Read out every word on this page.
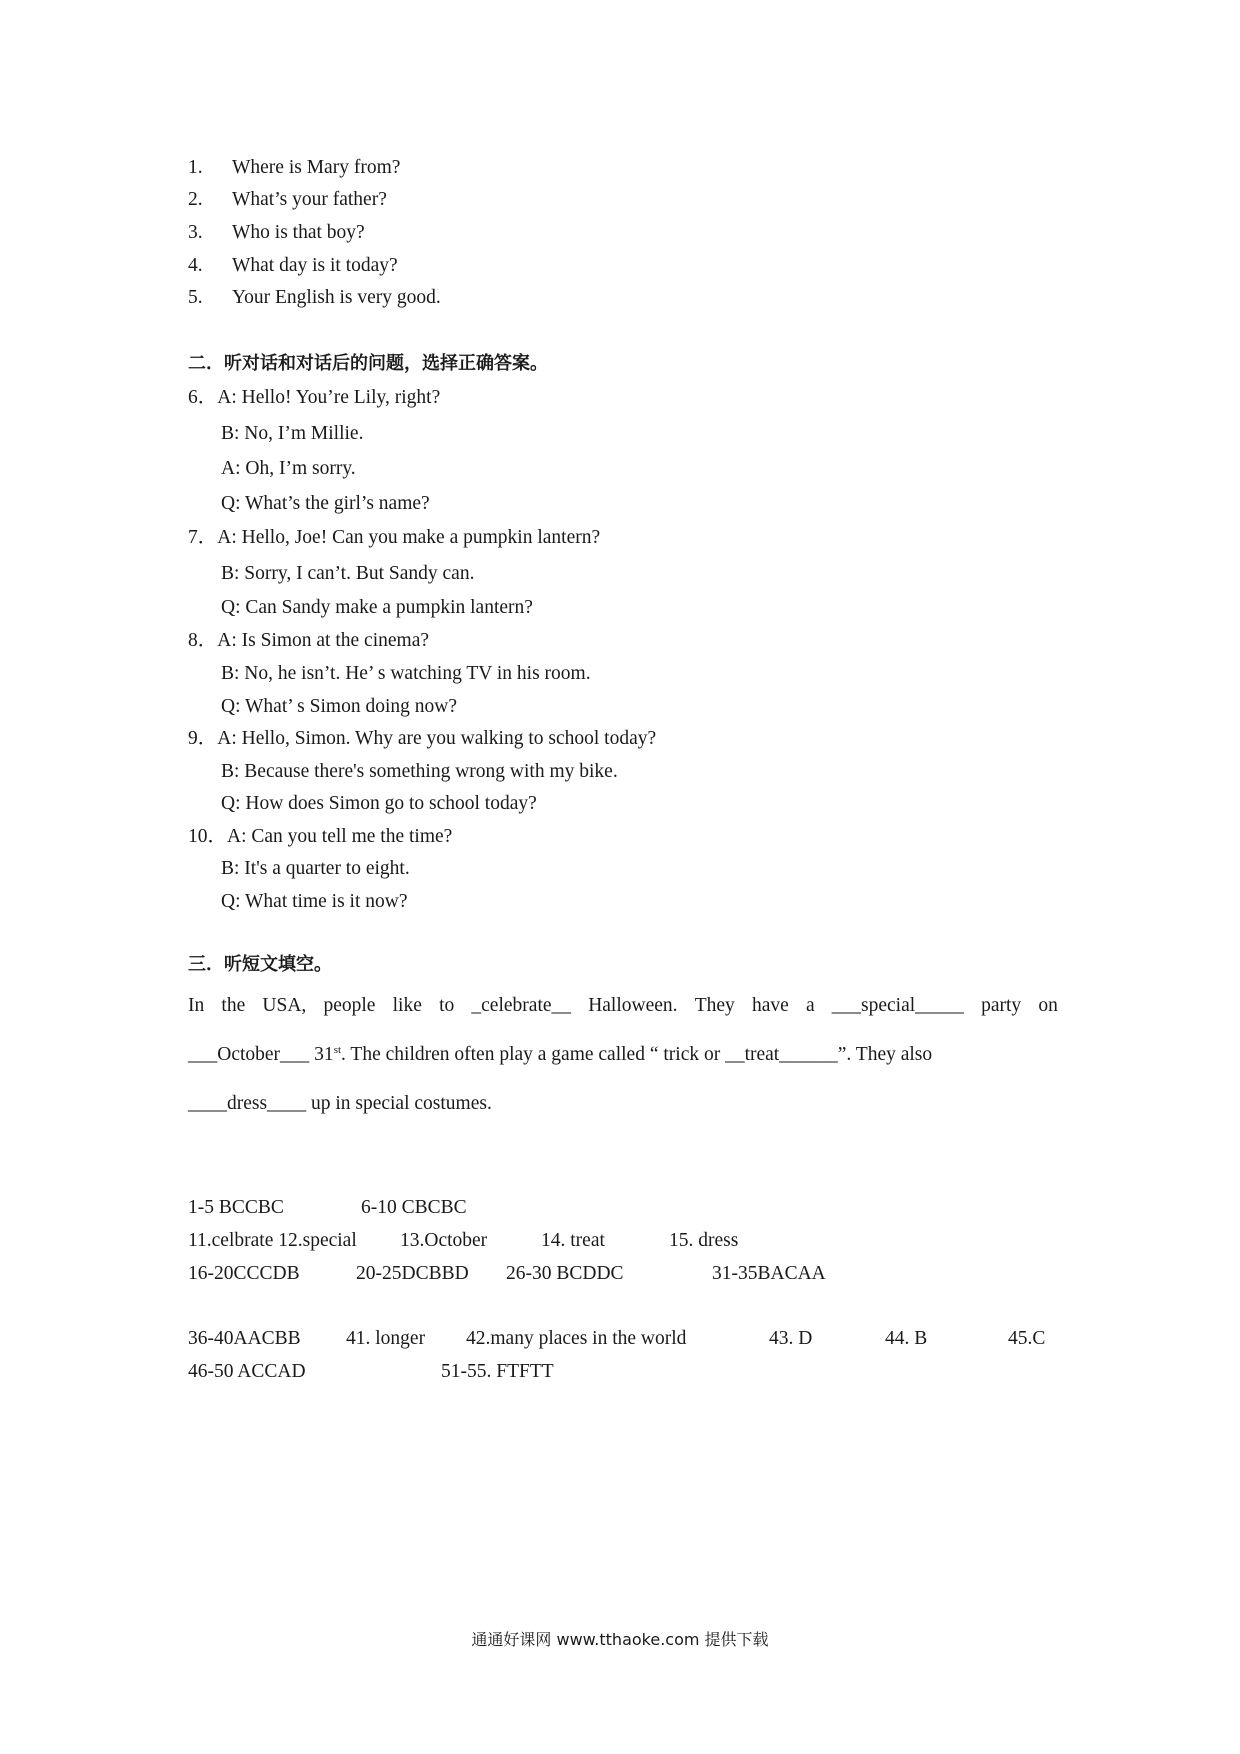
1. Where is Mary from?
2. What’s your father?
3. Who is that boy?
4. What day is it today?
5. Your English is very good.
二．听对话和对话后的问题，选择正确答案。
6．A: Hello! You’re Lily, right?
B: No, I’m Millie.
A: Oh, I’m sorry.
Q: What’s the girl’s name?
7．A: Hello, Joe! Can you make a pumpkin lantern?
B: Sorry, I can’t. But Sandy can.
Q: Can Sandy make a pumpkin lantern?
8．A: Is Simon at the cinema?
B: No, he isn’t. He’ s watching TV in his room.
Q: What’ s Simon doing now?
9．A: Hello, Simon. Why are you walking to school today?
B: Because there's something wrong with my bike.
Q: How does Simon go to school today?
10．A: Can you tell me the time?
B: It's a quarter to eight.
Q: What time is it now?
三．听短文填空。
In the USA, people like to _celebrate__ Halloween. They have a ___special_____ party on
___October___ 31st. The children often play a game called “ trick or __treat______”. They also
____dress____ up in special costumes.
1-5 BCCBC	6-10 CBCBC
11.celbrate 12.special 13.October	14. treat	15. dress
16-20CCCDB	20-25DCBBD 26-30 BCDDC	31-35BACAA
36-40AACBB 41. longer 42.many places in the world	43. D	44. B	45.C
46-50 ACCAD	51-55. FTFTT
通通好课网 www.tthaoke.com 提供下载
